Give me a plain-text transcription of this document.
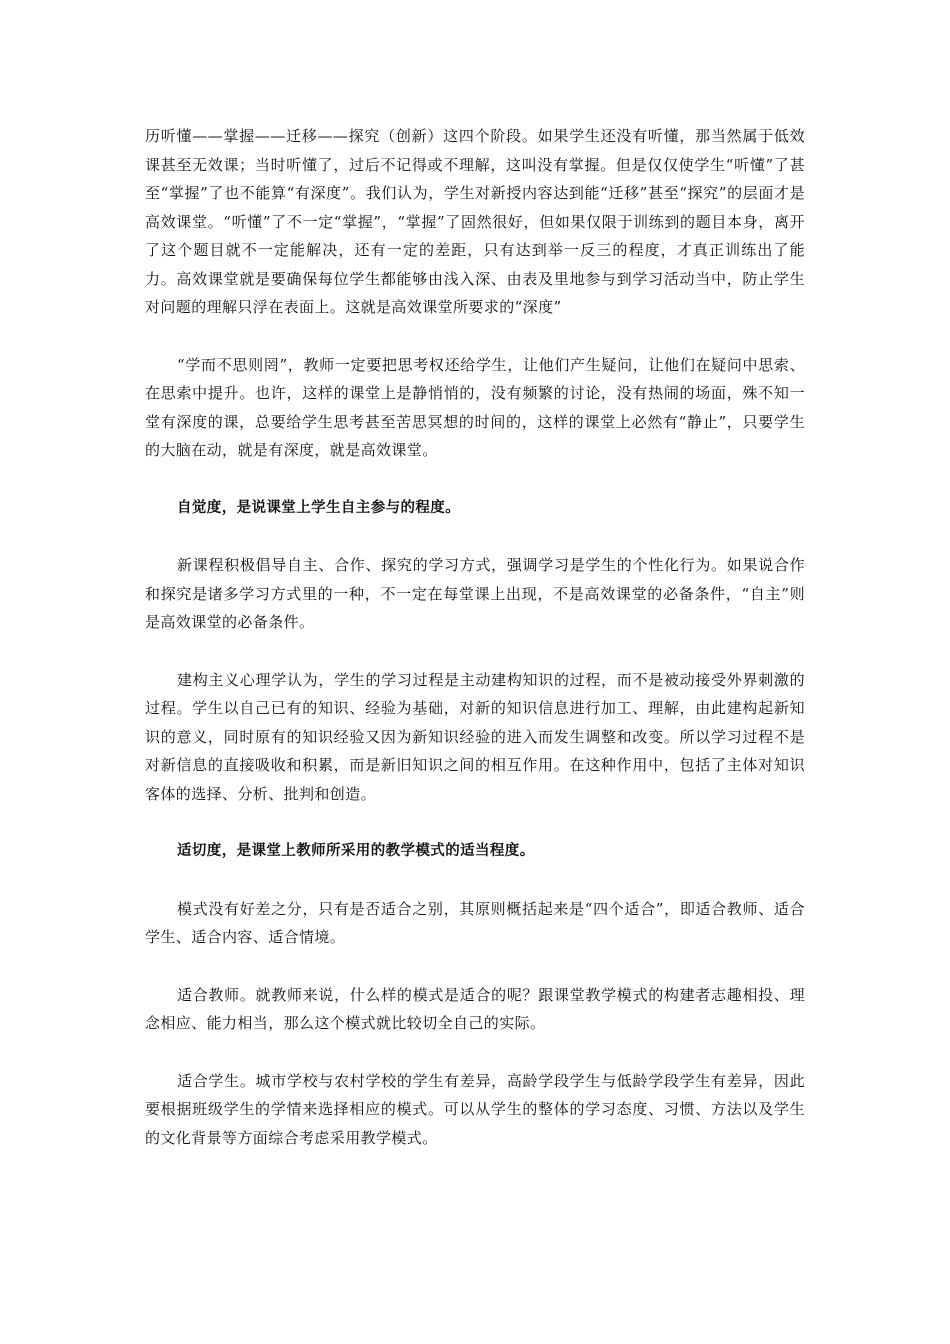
历听懂——掌握——迁移——探究（创新）这四个阶段。如果学生还没有听懂，那当然属于低效课甚至无效课；当时听懂了，过后不记得或不理解，这叫没有掌握。但是仅仅使学生“听懂”了甚至“掌握”了也不能算“有深度”。我们认为，学生对新授内容达到能“迁移”甚至“探究”的层面才是高效课堂。“听懂”了不一定“掌握”，“掌握”了固然很好，但如果仅限于训练到的题目本身，离开了这个题目就不一定能解决，还有一定的差距，只有达到举一反三的程度，才真正训练出了能力。高效课堂就是要确保每位学生都能够由浅入深、由表及里地参与到学习活动当中，防止学生对问题的理解只浮在表面上。这就是高效课堂所要求的“深度”

“学而不思则罔”，教师一定要把思考权还给学生，让他们产生疑问，让他们在疑问中思索、在思索中提升。也许，这样的课堂上是静悄悄的，没有频繁的讨论，没有热闹的场面，殊不知一堂有深度的课，总要给学生思考甚至苦思冥想的时间的，这样的课堂上必然有“静止”，只要学生的大脑在动，就是有深度，就是高效课堂。

自觉度，是说课堂上学生自主参与的程度。

新课程积极倡导自主、合作、探究的学习方式，强调学习是学生的个性化行为。如果说合作和探究是诸多学习方式里的一种，不一定在每堂课上出现，不是高效课堂的必备条件，“自主”则是高效课堂的必备条件。

建构主义心理学认为，学生的学习过程是主动建构知识的过程，而不是被动接受外界刺激的过程。学生以自己已有的知识、经验为基础，对新的知识信息进行加工、理解，由此建构起新知识的意义，同时原有的知识经验又因为新知识经验的进入而发生调整和改变。所以学习过程不是对新信息的直接吸收和积累，而是新旧知识之间的相互作用。在这种作用中，包括了主体对知识客体的选择、分析、批判和创造。

适切度，是课堂上教师所采用的教学模式的适当程度。

模式没有好差之分，只有是否适合之别，其原则概括起来是“四个适合”，即适合教师、适合学生、适合内容、适合情境。

适合教师。就教师来说，什么样的模式是适合的呢？跟课堂教学模式的构建者志趣相投、理念相应、能力相当，那么这个模式就比较切全自己的实际。

适合学生。城市学校与农村学校的学生有差异，高龄学段学生与低龄学段学生有差异，因此要根据班级学生的学情来选择相应的模式。可以从学生的整体的学习态度、习惯、方法以及学生的文化背景等方面综合考虑采用教学模式。
